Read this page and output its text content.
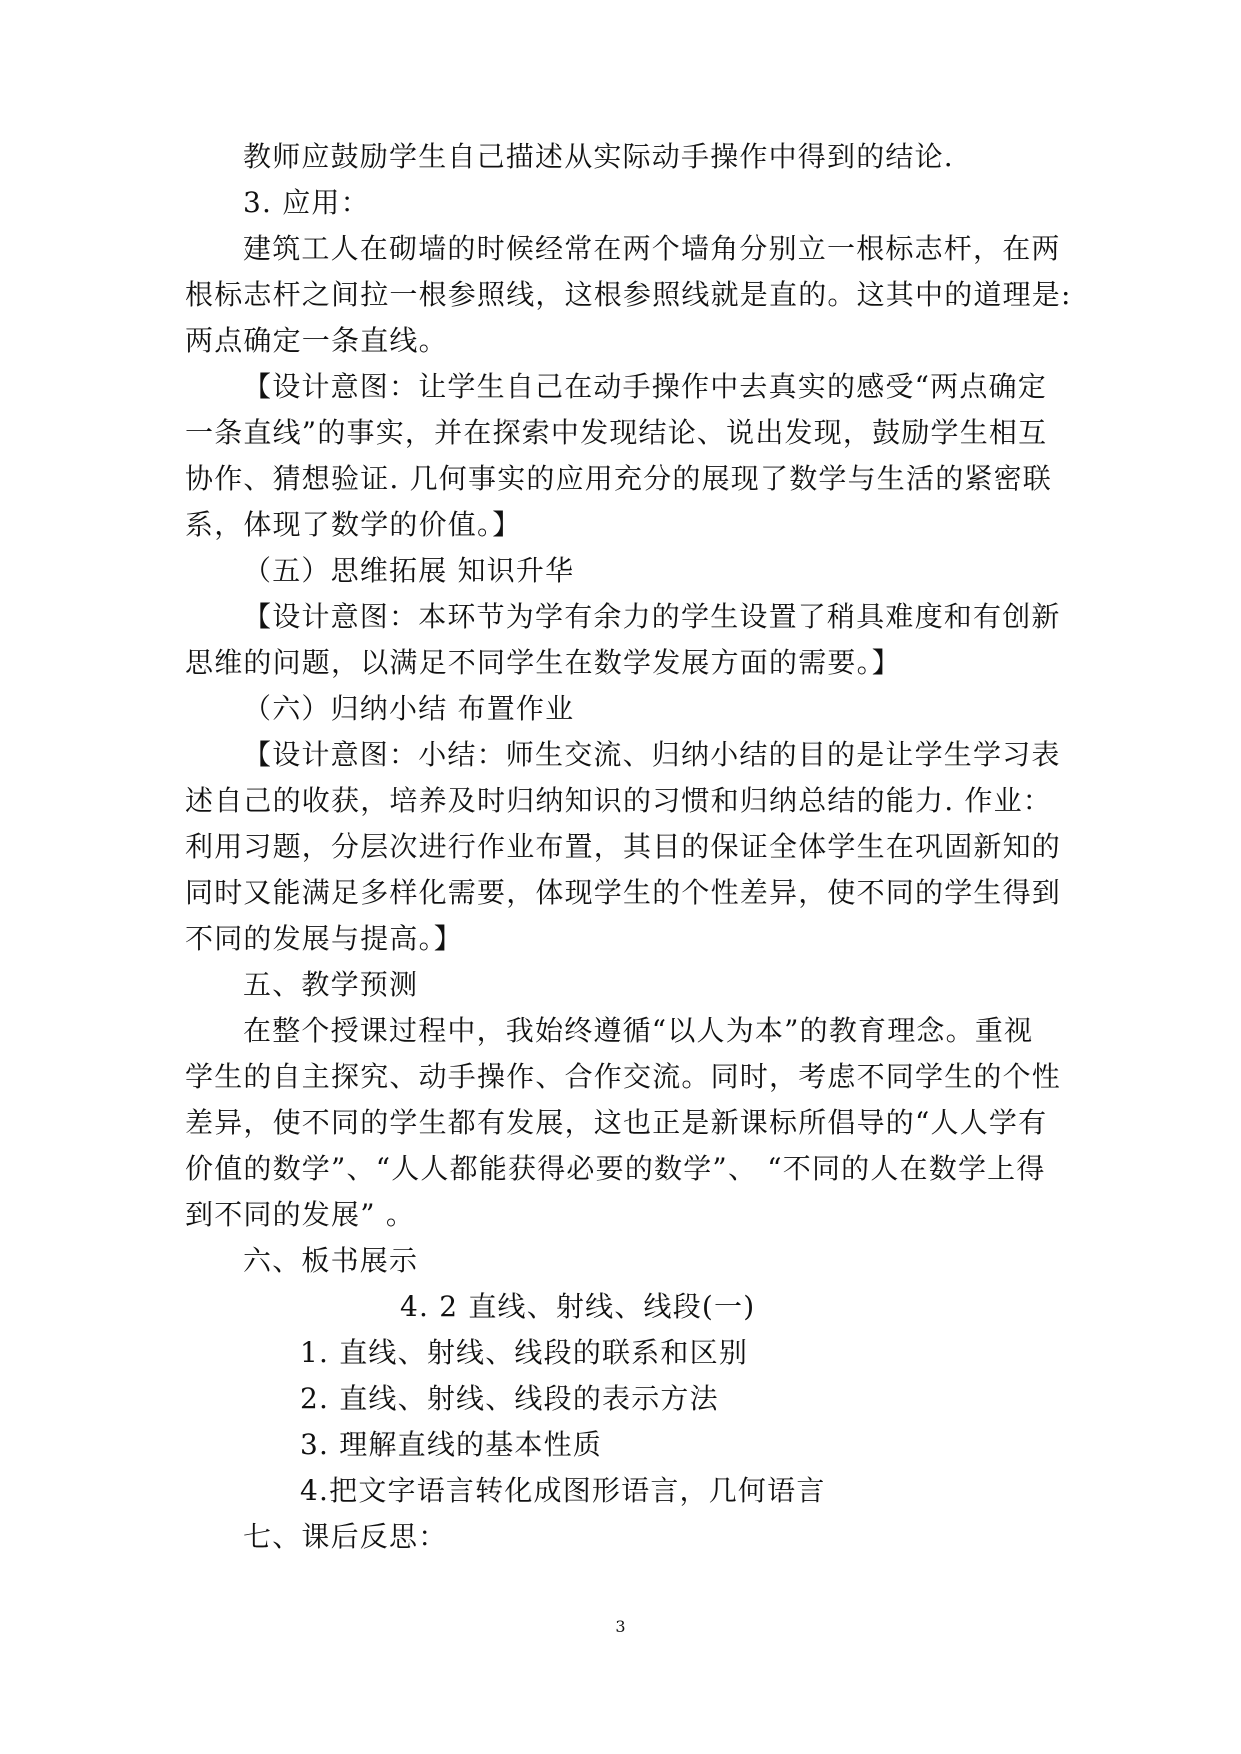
教师应鼓励学生自己描述从实际动手操作中得到的结论.
3. 应用：
建筑工人在砌墙的时候经常在两个墙角分别立一根标志杆，在两
根标志杆之间拉一根参照线，这根参照线就是直的。这其中的道理是:
两点确定一条直线。
【设计意图：让学生自己在动手操作中去真实的感受“两点确定
一条直线”的事实，并在探索中发现结论、说出发现，鼓励学生相互
协作、猜想验证. 几何事实的应用充分的展现了数学与生活的紧密联
系，体现了数学的价值。】
（五）思维拓展 知识升华
【设计意图：本环节为学有余力的学生设置了稍具难度和有创新
思维的问题，以满足不同学生在数学发展方面的需要。】
（六）归纳小结 布置作业
【设计意图：小结：师生交流、归纳小结的目的是让学生学习表
述自己的收获，培养及时归纳知识的习惯和归纳总结的能力. 作业：
利用习题，分层次进行作业布置，其目的保证全体学生在巩固新知的
同时又能满足多样化需要，体现学生的个性差异，使不同的学生得到
不同的发展与提高。】
五、教学预测
在整个授课过程中，我始终遵循“以人为本”的教育理念。重视
学生的自主探究、动手操作、合作交流。同时，考虑不同学生的个性
差异，使不同的学生都有发展，这也正是新课标所倡导的“人人学有
价值的数学”、“人人都能获得必要的数学”、 “不同的人在数学上得
到不同的发展” 。
六、板书展示
4. 2 直线、射线、线段(一)
1. 直线、射线、线段的联系和区别
2. 直线、射线、线段的表示方法
3. 理解直线的基本性质
4.把文字语言转化成图形语言，几何语言
七、课后反思：
3
